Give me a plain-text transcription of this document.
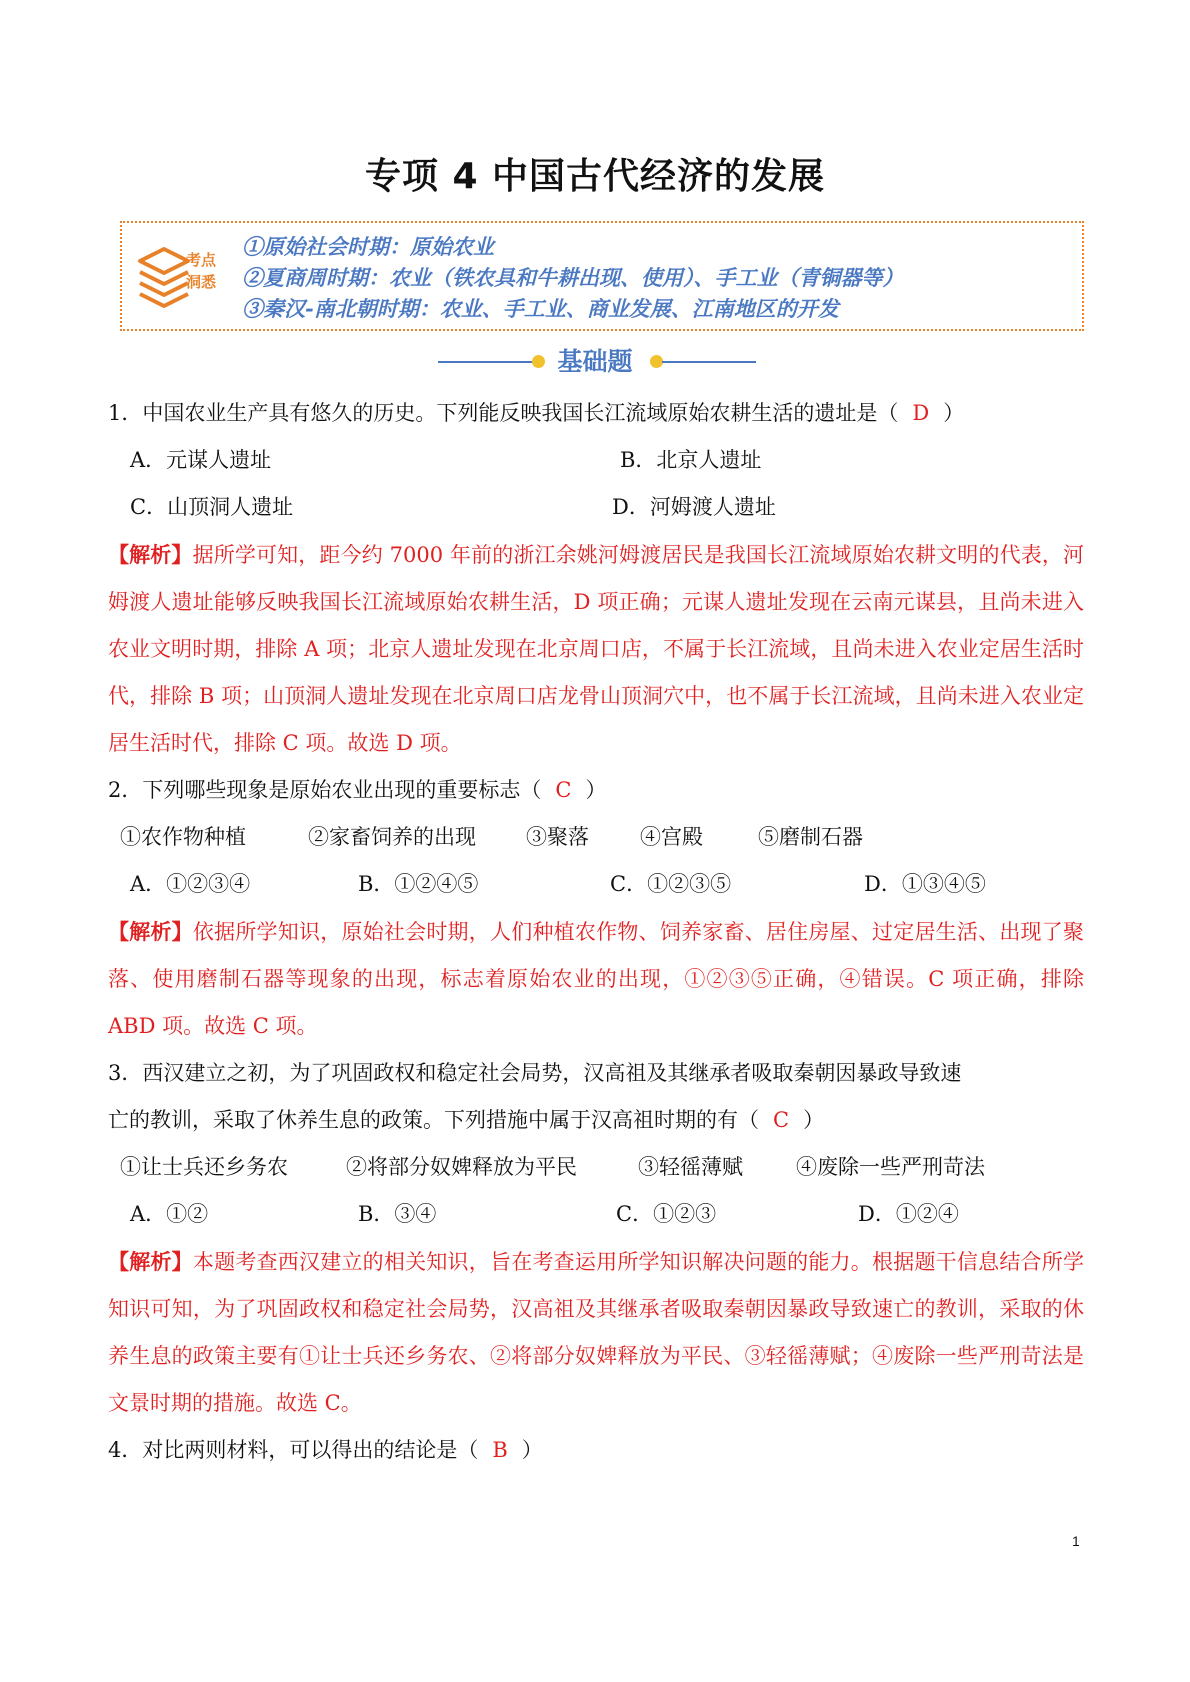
专项 4 中国古代经济的发展
考点洞悉
①原始社会时期：原始农业
②夏商周时期：农业（铁农具和牛耕出现、使用）、手工业（青铜器等）
③秦汉-南北朝时期：农业、手工业、商业发展、江南地区的开发
基础题
1．中国农业生产具有悠久的历史。下列能反映我国长江流域原始农耕生活的遗址是（ D ）
A．元谋人遗址	B．北京人遗址
C．山顶洞人遗址	D．河姆渡人遗址
【解析】据所学可知，距今约 7000 年前的浙江余姚河姆渡居民是我国长江流域原始农耕文明的代表，河姆渡人遗址能够反映我国长江流域原始农耕生活，D 项正确；元谋人遗址发现在云南元谋县，且尚未进入农业文明时期，排除 A 项；北京人遗址发现在北京周口店，不属于长江流域，且尚未进入农业定居生活时代，排除 B 项；山顶洞人遗址发现在北京周口店龙骨山顶洞穴中，也不属于长江流域，且尚未进入农业定居生活时代，排除 C 项。故选 D 项。
2．下列哪些现象是原始农业出现的重要标志（ C ）
①农作物种植	②家畜饲养的出现 ③聚落 ④宫殿	⑤磨制石器
A．①②③④	B．①②④⑤	C．①②③⑤	D．①③④⑤
【解析】依据所学知识，原始社会时期，人们种植农作物、饲养家畜、居住房屋、过定居生活、出现了聚落、使用磨制石器等现象的出现，标志着原始农业的出现，①②③⑤正确，④错误。C 项正确，排除 ABD 项。故选 C 项。
3．西汉建立之初，为了巩固政权和稳定社会局势，汉高祖及其继承者吸取秦朝因暴政导致速
亡的教训，采取了休养生息的政策。下列措施中属于汉高祖时期的有（ C ）
①让士兵还乡务农	②将部分奴婢释放为平民	③轻徭薄赋	④废除一些严刑苛法
A．①②	B．③④	C．①②③	D．①②④
【解析】本题考查西汉建立的相关知识，旨在考查运用所学知识解决问题的能力。根据题干信息结合所学知识可知，为了巩固政权和稳定社会局势，汉高祖及其继承者吸取秦朝因暴政导致速亡的教训，采取的休养生息的政策主要有①让士兵还乡务农、②将部分奴婢释放为平民、③轻徭薄赋；④废除一些严刑苛法是文景时期的措施。故选 C。
4．对比两则材料，可以得出的结论是（ B ）
1
